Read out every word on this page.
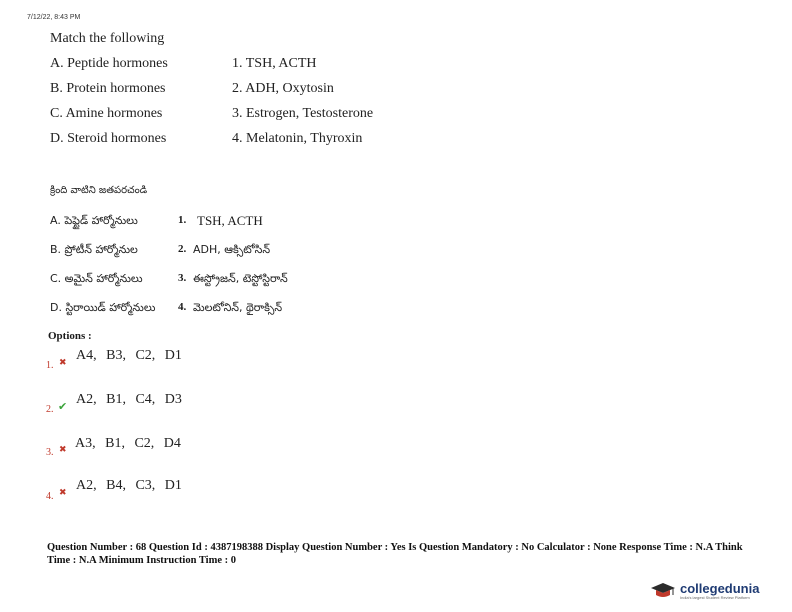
7/12/22, 8:43 PM
Match the following
A. Peptide hormones
B. Protein hormones
C. Amine hormones
D. Steroid hormones
1. TSH, ACTH
2. ADH, Oxytosin
3. Estrogen, Testosterone
4. Melatonin, Thyroxin
క్రింది వాటిని జతపరచండి
A. పెప్టైడ్ హార్మోనులు
B. ప్రోటీన్ హార్మోనుల
C. అమైన్ హార్మోనులు
D. స్టిరాయిడ్ హార్మోనులు
1.
2.
3.
4.
TSH, ACTH
ADH, ఆక్సిటోసిన్
ఈస్ట్రోజన్, టెస్టోస్టిరాన్
మెలటోనిన్, థైరాక్సిన్
Options :
1. ✖ A4, B3, C2, D1
2. ✔ A2, B1, C4, D3
3. ✖ A3, B1, C2, D4
4. ✖ A2, B4, C3, D1
Question Number : 68 Question Id : 4387198388 Display Question Number : Yes Is Question Mandatory : No Calculator : None Response Time : N.A Think Time : N.A Minimum Instruction Time : 0
collegedunia
India's largest Student Review Platform
